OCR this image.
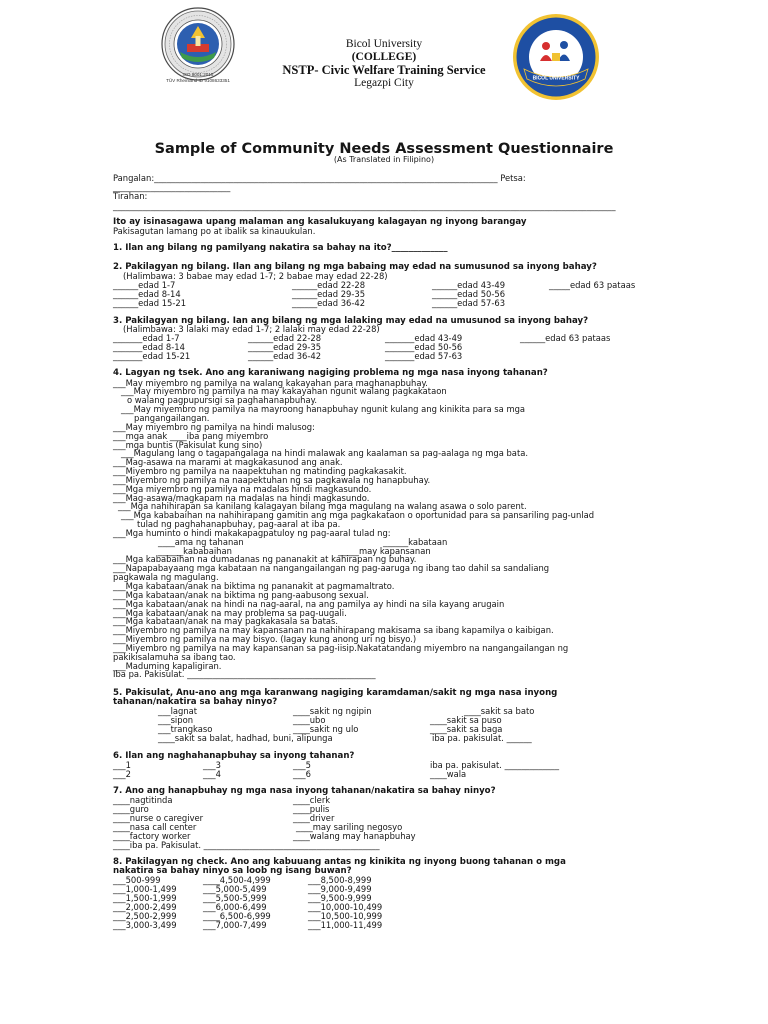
ISO 9001:2015
TÜV Rheinland ID 9108633351	BICOL UNIVERSITY
Bicol University
(COLLEGE)
NSTP- Civic Welfare Training Service
Legazpi City
Sample of Community Needs Assessment Questionnaire
(As Translated in Filipino)
Pangalan:__________________________________________________________________________________ Petsa:
____________________________
Tirahan:
________________________________________________________________________________________________________________________
Ito ay isinasagawa upang malaman ang kasalukuyang kalagayan ng inyong barangay
Pakisagutan lamang po at ibalik sa kinauukulan.
1. Ilan ang bilang ng pamilyang nakatira sa bahay na ito?_____________
2. Pakilagyan ng bilang. Ilan ang bilang ng mga babaing may edad na sumusunod sa inyong bahay?
(Halimbawa: 3 babae may edad 1-7; 2 babae may edad 22-28)
______edad 1-7	______edad 22-28	______edad 43-49	_____edad 63 pataas
______edad 8-14	______edad 29-35	______edad 50-56
______edad 15-21	______edad 36-42	______edad 57-63
3. Pakilagyan ng bilang. Ian ang bilang ng mga lalaking may edad na umusunod sa inyong bahay?
(Halimbawa: 3 lalaki may edad 1-7; 2 lalaki may edad 22-28)
_______edad 1-7	______edad 22-28	_______edad 43-49	______edad 63 pataas
_______edad 8-14	______edad 29-35	_______edad 50-56
_______edad 15-21	______edad 36-42	_______edad 57-63
4. Lagyan ng tsek. Ano ang karaniwang nagiging problema ng mga nasa inyong tahanan?
___May miyembro ng pamilya na walang kakayahan para maghanapbuhay.
___May miyembro ng pamilya na may kakayahan ngunit walang pagkakataon
o walang pagpupursigi sa paghahanapbuhay.
___May miyembro ng pamilya na mayroong hanapbuhay ngunit kulang ang kinikita para sa mga
pangangailangan.
___May miyembro ng pamilya na hindi malusog:
___mga anak ____iba pang miyembro
___mga buntis (Pakisulat kung sino)
___Magulang lang o tagapangalaga na hindi malawak ang kaalaman sa pag-aalaga ng mga bata.
___Mag-asawa na marami at magkakasunod ang anak.
___Miyembro ng pamilya na naapektuhan ng matinding pagkakasakit.
___Miyembro ng pamilya na naapektuhan ng sa pagkawala ng hanapbuhay.
___Mga miyembro ng pamilya na madalas hindi magkasundo.
___Mag-asawa/magkapam na madalas na hindi magkasundo.
___Mga nahihirapan sa kanilang kalagayan bilang mga magulang na walang asawa o solo parent.
___Mga kababaihan na nahihirapang gamitin ang mga pagkakataon o oportunidad para sa pansariling pag-unlad
tulad ng paghahanapbuhay, pag-aaral at iba pa.
___Mga huminto o hindi makakapagpatuloy ng pag-aaral tulad ng:
____ama ng tahanan	______kabataan
______kababaihan	_____may kapansanan
___Mga kababaihan na dumadanas ng pananakit at kahirapan ng buhay.
___Napapabayaang mga kabataan na nangangailangan ng pag-aaruga ng ibang tao dahil sa sandaliang
pagkawala ng magulang.
___Mga kabataan/anak na biktima ng pananakit at pagmamaltrato.
___Mga kabataan/anak na biktima ng pang-aabusong sexual.
___Mga kabataan/anak na hindi na nag-aaral, na ang pamilya ay hindi na sila kayang arugain
___Mga kabataan/anak na may problema sa pag-uugali.
___Mga kabataan/anak na may pagkakasala sa batas.
___Miyembro ng pamilya na may kapansanan na nahihirapang makisama sa ibang kapamilya o kaibigan.
___Miyembro ng pamilya na may bisyo. (Iagay kung anong uri ng bisyo.)
___Miyembro ng pamilya na may kapansanan sa pag-iisip.Nakatatandang miyembro na nangangailangan ng
pakikisalamuha sa ibang tao.
___Maduming kapaligiran.
Iba pa. Pakisulat. _____________________________________________
5. Pakisulat, Anu-ano ang mga karanwang nagiging karamdaman/sakit ng mga nasa inyong
tahanan/nakatira sa bahay ninyo?
___lagnat	____sakit ng ngipin	____sakit sa bato
___sipon	____ubo	____sakit sa puso
___trangkaso	____sakit ng ulo	____sakit sa baga
____sakit sa balat, hadhad, buni, alipunga	iba pa. pakisulat. ______
6. Ilan ang naghahanapbuhay sa inyong tahanan?
___1	___3	___5	iba pa. pakisulat. _____________
___2	___4	___6	____wala
7. Ano ang hanapbuhay ng mga nasa inyong tahanan/nakatira sa bahay ninyo?
____nagtitinda	____clerk
____guro	____pulis
____nurse o caregiver	____driver
____nasa call center	____may sariling negosyo
____factory worker	____walang may hanapbuhay
____iba pa. Pakisulat. __________________________________________
8. Pakilagyan ng check. Ano ang kabuuang antas ng kinikita ng inyong buong tahanan o mga
nakatira sa bahay ninyo sa loob ng isang buwan?
___500-999	____4,500-4,999	___8,500-8,999
___1,000-1,499	___5,000-5,499	___9,000-9,499
___1,500-1,999	___5,500-5,999	___9,500-9,999
___2,000-2,499	___6,000-6,499	___10,000-10,499
___2,500-2,999	____6,500-6,999	___10,500-10,999
___3,000-3,499	___7,000-7,499	___11,000-11,499
